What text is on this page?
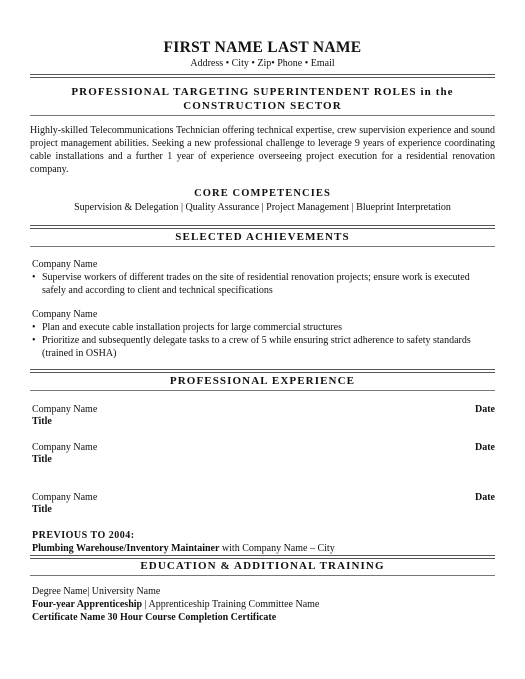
FIRST NAME LAST NAME
Address • City • Zip• Phone • Email
PROFESSIONAL TARGETING SUPERINTENDENT ROLES in the
CONSTRUCTION SECTOR
Highly-skilled Telecommunications Technician offering technical expertise, crew supervision experience and sound project management abilities. Seeking a new professional challenge to leverage 9 years of experience coordinating cable installations and a further 1 year of experience overseeing project execution for a residential renovation company.
CORE COMPETENCIES
Supervision & Delegation | Quality Assurance | Project Management | Blueprint Interpretation
SELECTED ACHIEVEMENTS
Company Name
• Supervise workers of different trades on the site of residential renovation projects; ensure work is executed safely and according to client and technical specifications
Company Name
• Plan and execute cable installation projects for large commercial structures
• Prioritize and subsequently delegate tasks to a crew of 5 while ensuring strict adherence to safety standards (trained in OSHA)
PROFESSIONAL EXPERIENCE
Company Name	Date
Title
Company Name	Date
Title
Company Name	Date
Title
PREVIOUS TO 2004:
Plumbing Warehouse/Inventory Maintainer with Company Name – City
EDUCATION & ADDITIONAL TRAINING
Degree Name| University Name
Four-year Apprenticeship | Apprenticeship Training Committee Name
Certificate Name 30 Hour Course Completion Certificate
